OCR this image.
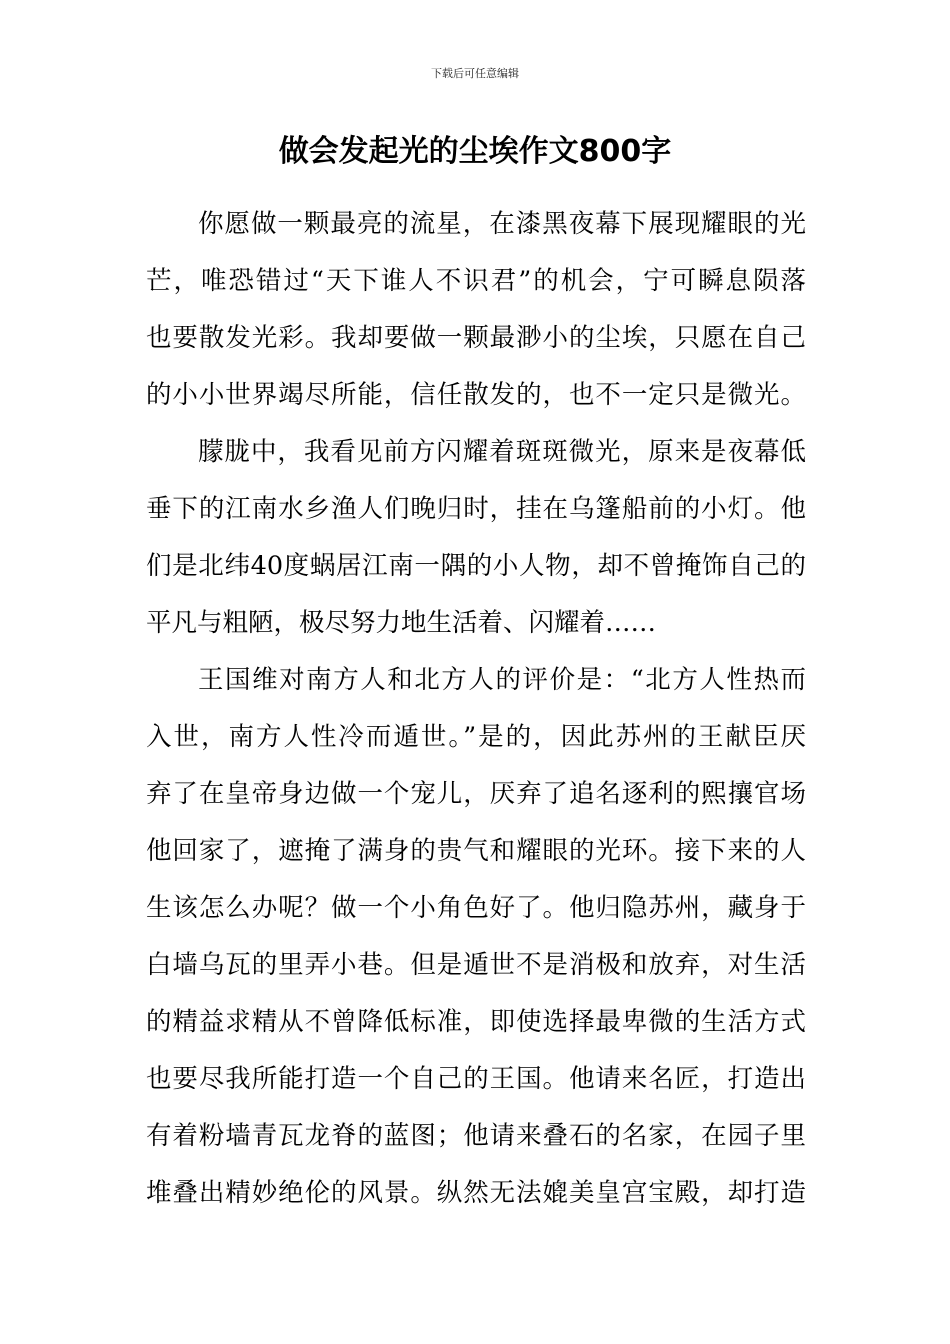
下载后可任意编辑
做会发起光的尘埃作文800字
你愿做一颗最亮的流星，在漆黑夜幕下展现耀眼的光
芒，唯恐错过“天下谁人不识君”的机会，宁可瞬息陨落
也要散发光彩。我却要做一颗最渺小的尘埃，只愿在自己
的小小世界竭尽所能，信任散发的，也不一定只是微光。
朦胧中，我看见前方闪耀着斑斑微光，原来是夜幕低
垂下的江南水乡渔人们晚归时，挂在乌篷船前的小灯。他
们是北纬40度蜗居江南一隅的小人物，却不曾掩饰自己的
平凡与粗陋，极尽努力地生活着、闪耀着……
王国维对南方人和北方人的评价是：“北方人性热而
入世，南方人性冷而遁世。”是的，因此苏州的王献臣厌
弃了在皇帝身边做一个宠儿，厌弃了追名逐利的熙攘官场
他回家了，遮掩了满身的贵气和耀眼的光环。接下来的人
生该怎么办呢？做一个小角色好了。他归隐苏州，藏身于
白墙乌瓦的里弄小巷。但是遁世不是消极和放弃，对生活
的精益求精从不曾降低标准，即使选择最卑微的生活方式
也要尽我所能打造一个自己的王国。他请来名匠，打造出
有着粉墙青瓦龙脊的蓝图；他请来叠石的名家，在园子里
堆叠出精妙绝伦的风景。纵然无法媲美皇宫宝殿，却打造
